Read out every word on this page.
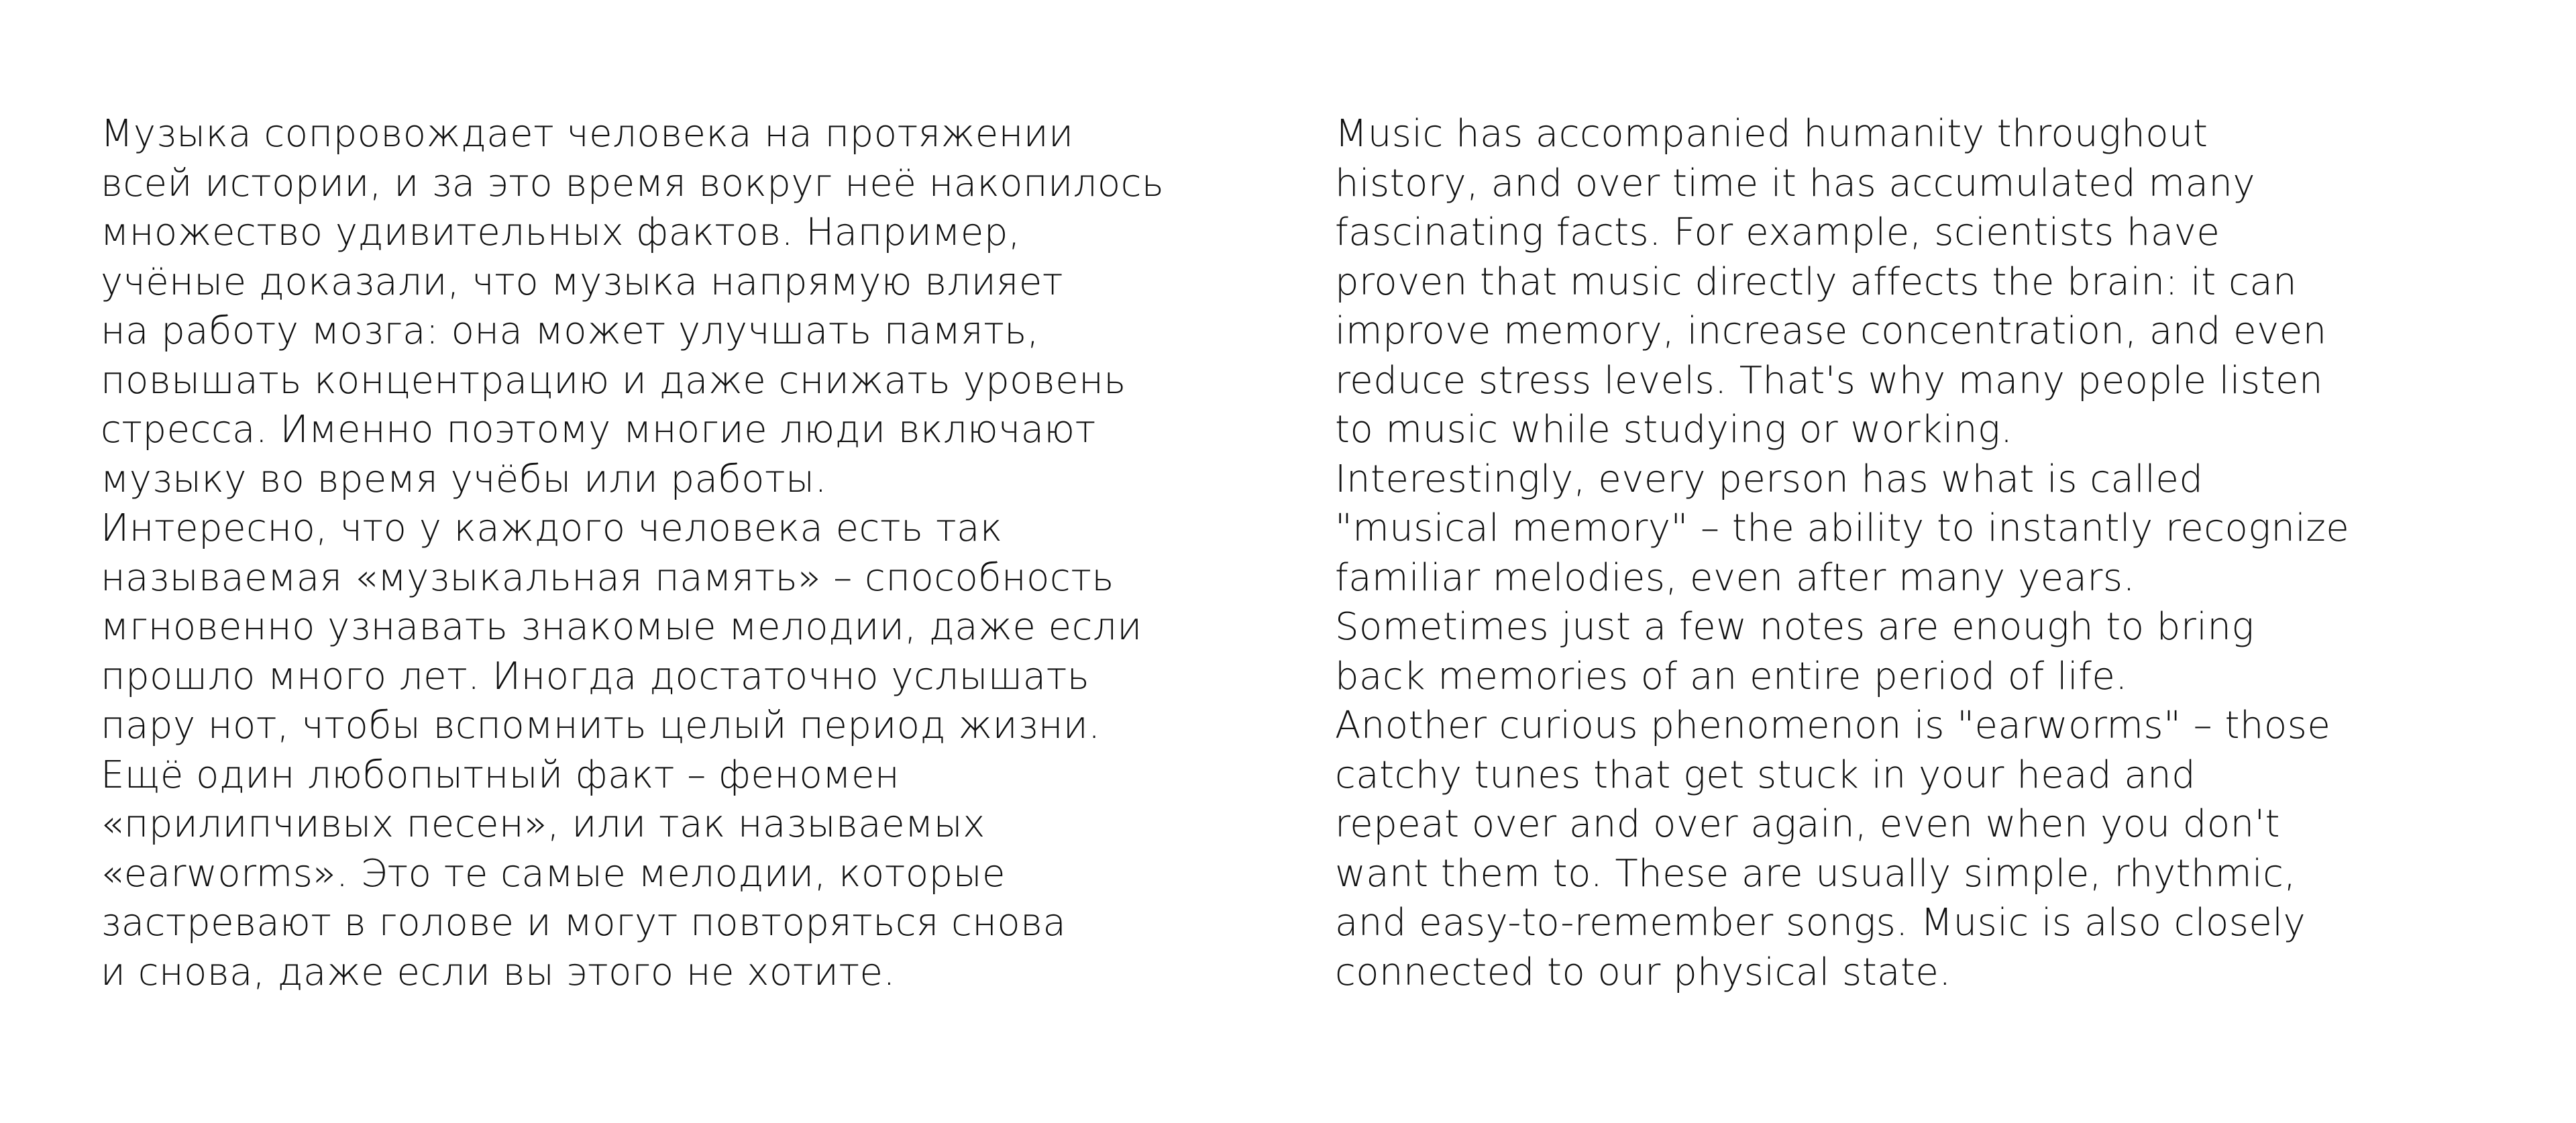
Музыка сопровождает человека на протяжении
всей истории, и за это время вокруг неё накопилось
множество удивительных фактов. Например,
учёные доказали, что музыка напрямую влияет
на работу мозга: она может улучшать память,
повышать концентрацию и даже снижать уровень
стресса. Именно поэтому многие люди включают
музыку во время учёбы или работы.
Интересно, что у каждого человека есть так
называемая «музыкальная память» – способность
мгновенно узнавать знакомые мелодии, даже если
прошло много лет. Иногда достаточно услышать
пару нот, чтобы вспомнить целый период жизни.
Ещё один любопытный факт – феномен
«прилипчивых песен», или так называемых
«earworms». Это те самые мелодии, которые
застревают в голове и могут повторяться снова
и снова, даже если вы этого не хотите.
Music has accompanied humanity throughout
history, and over time it has accumulated many
fascinating facts. For example, scientists have
proven that music directly affects the brain: it can
improve memory, increase concentration, and even
reduce stress levels. That's why many people listen
to music while studying or working.
Interestingly, every person has what is called
"musical memory" – the ability to instantly recognize
familiar melodies, even after many years.
Sometimes just a few notes are enough to bring
back memories of an entire period of life.
Another curious phenomenon is "earworms" – those
catchy tunes that get stuck in your head and
repeat over and over again, even when you don't
want them to. These are usually simple, rhythmic,
and easy-to-remember songs. Music is also closely
connected to our physical state.
